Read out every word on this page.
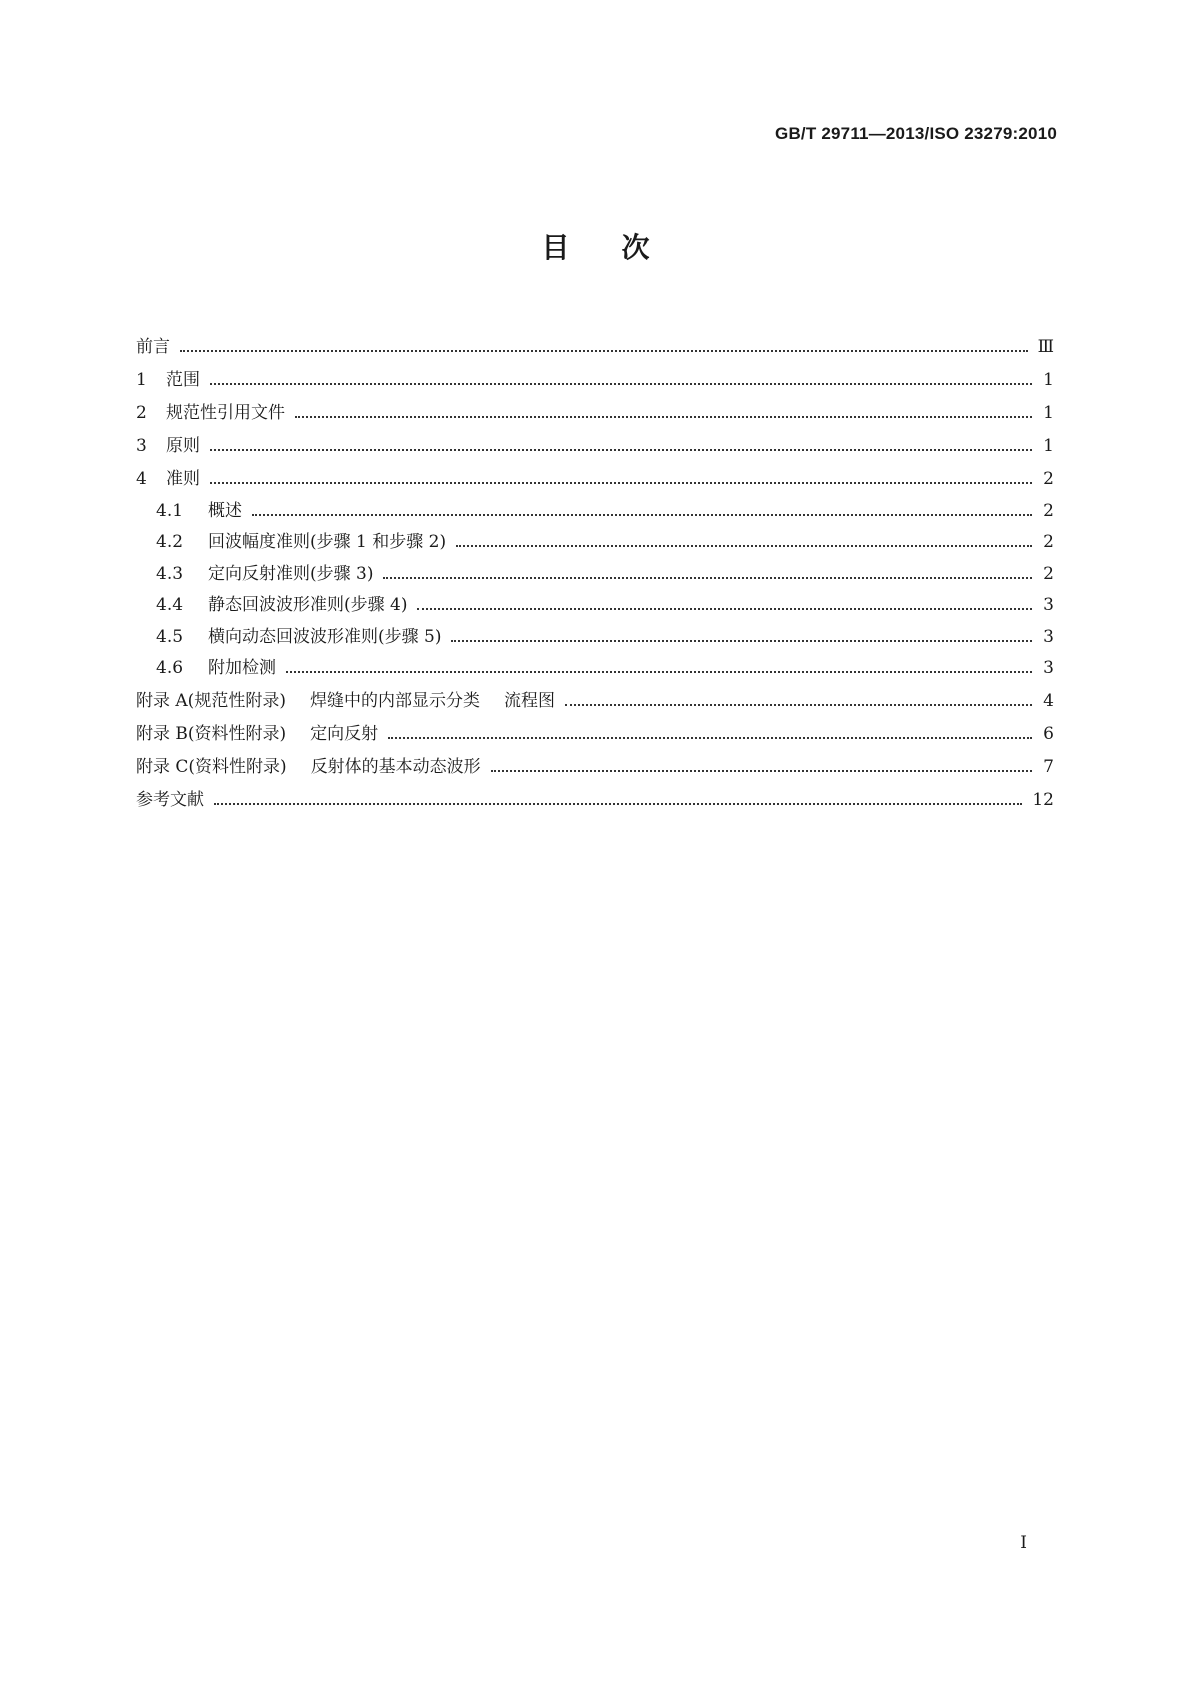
GB/T 29711—2013/ISO 23279:2010
目 次
前言	Ⅲ
1	范围	1
2	规范性引用文件	1
3	原则	1
4	准则	2
4.1	概述	2
4.2	回波幅度准则(步骤 1 和步骤 2)	2
4.3	定向反射准则(步骤 3)	2
4.4	静态回波波形准则(步骤 4)	3
4.5	横向动态回波波形准则(步骤 5)	3
4.6	附加检测	3
附录 A(规范性附录) 焊缝中的内部显示分类 流程图	4
附录 B(资料性附录) 定向反射	6
附录 C(资料性附录) 反射体的基本动态波形	7
参考文献	12
I
